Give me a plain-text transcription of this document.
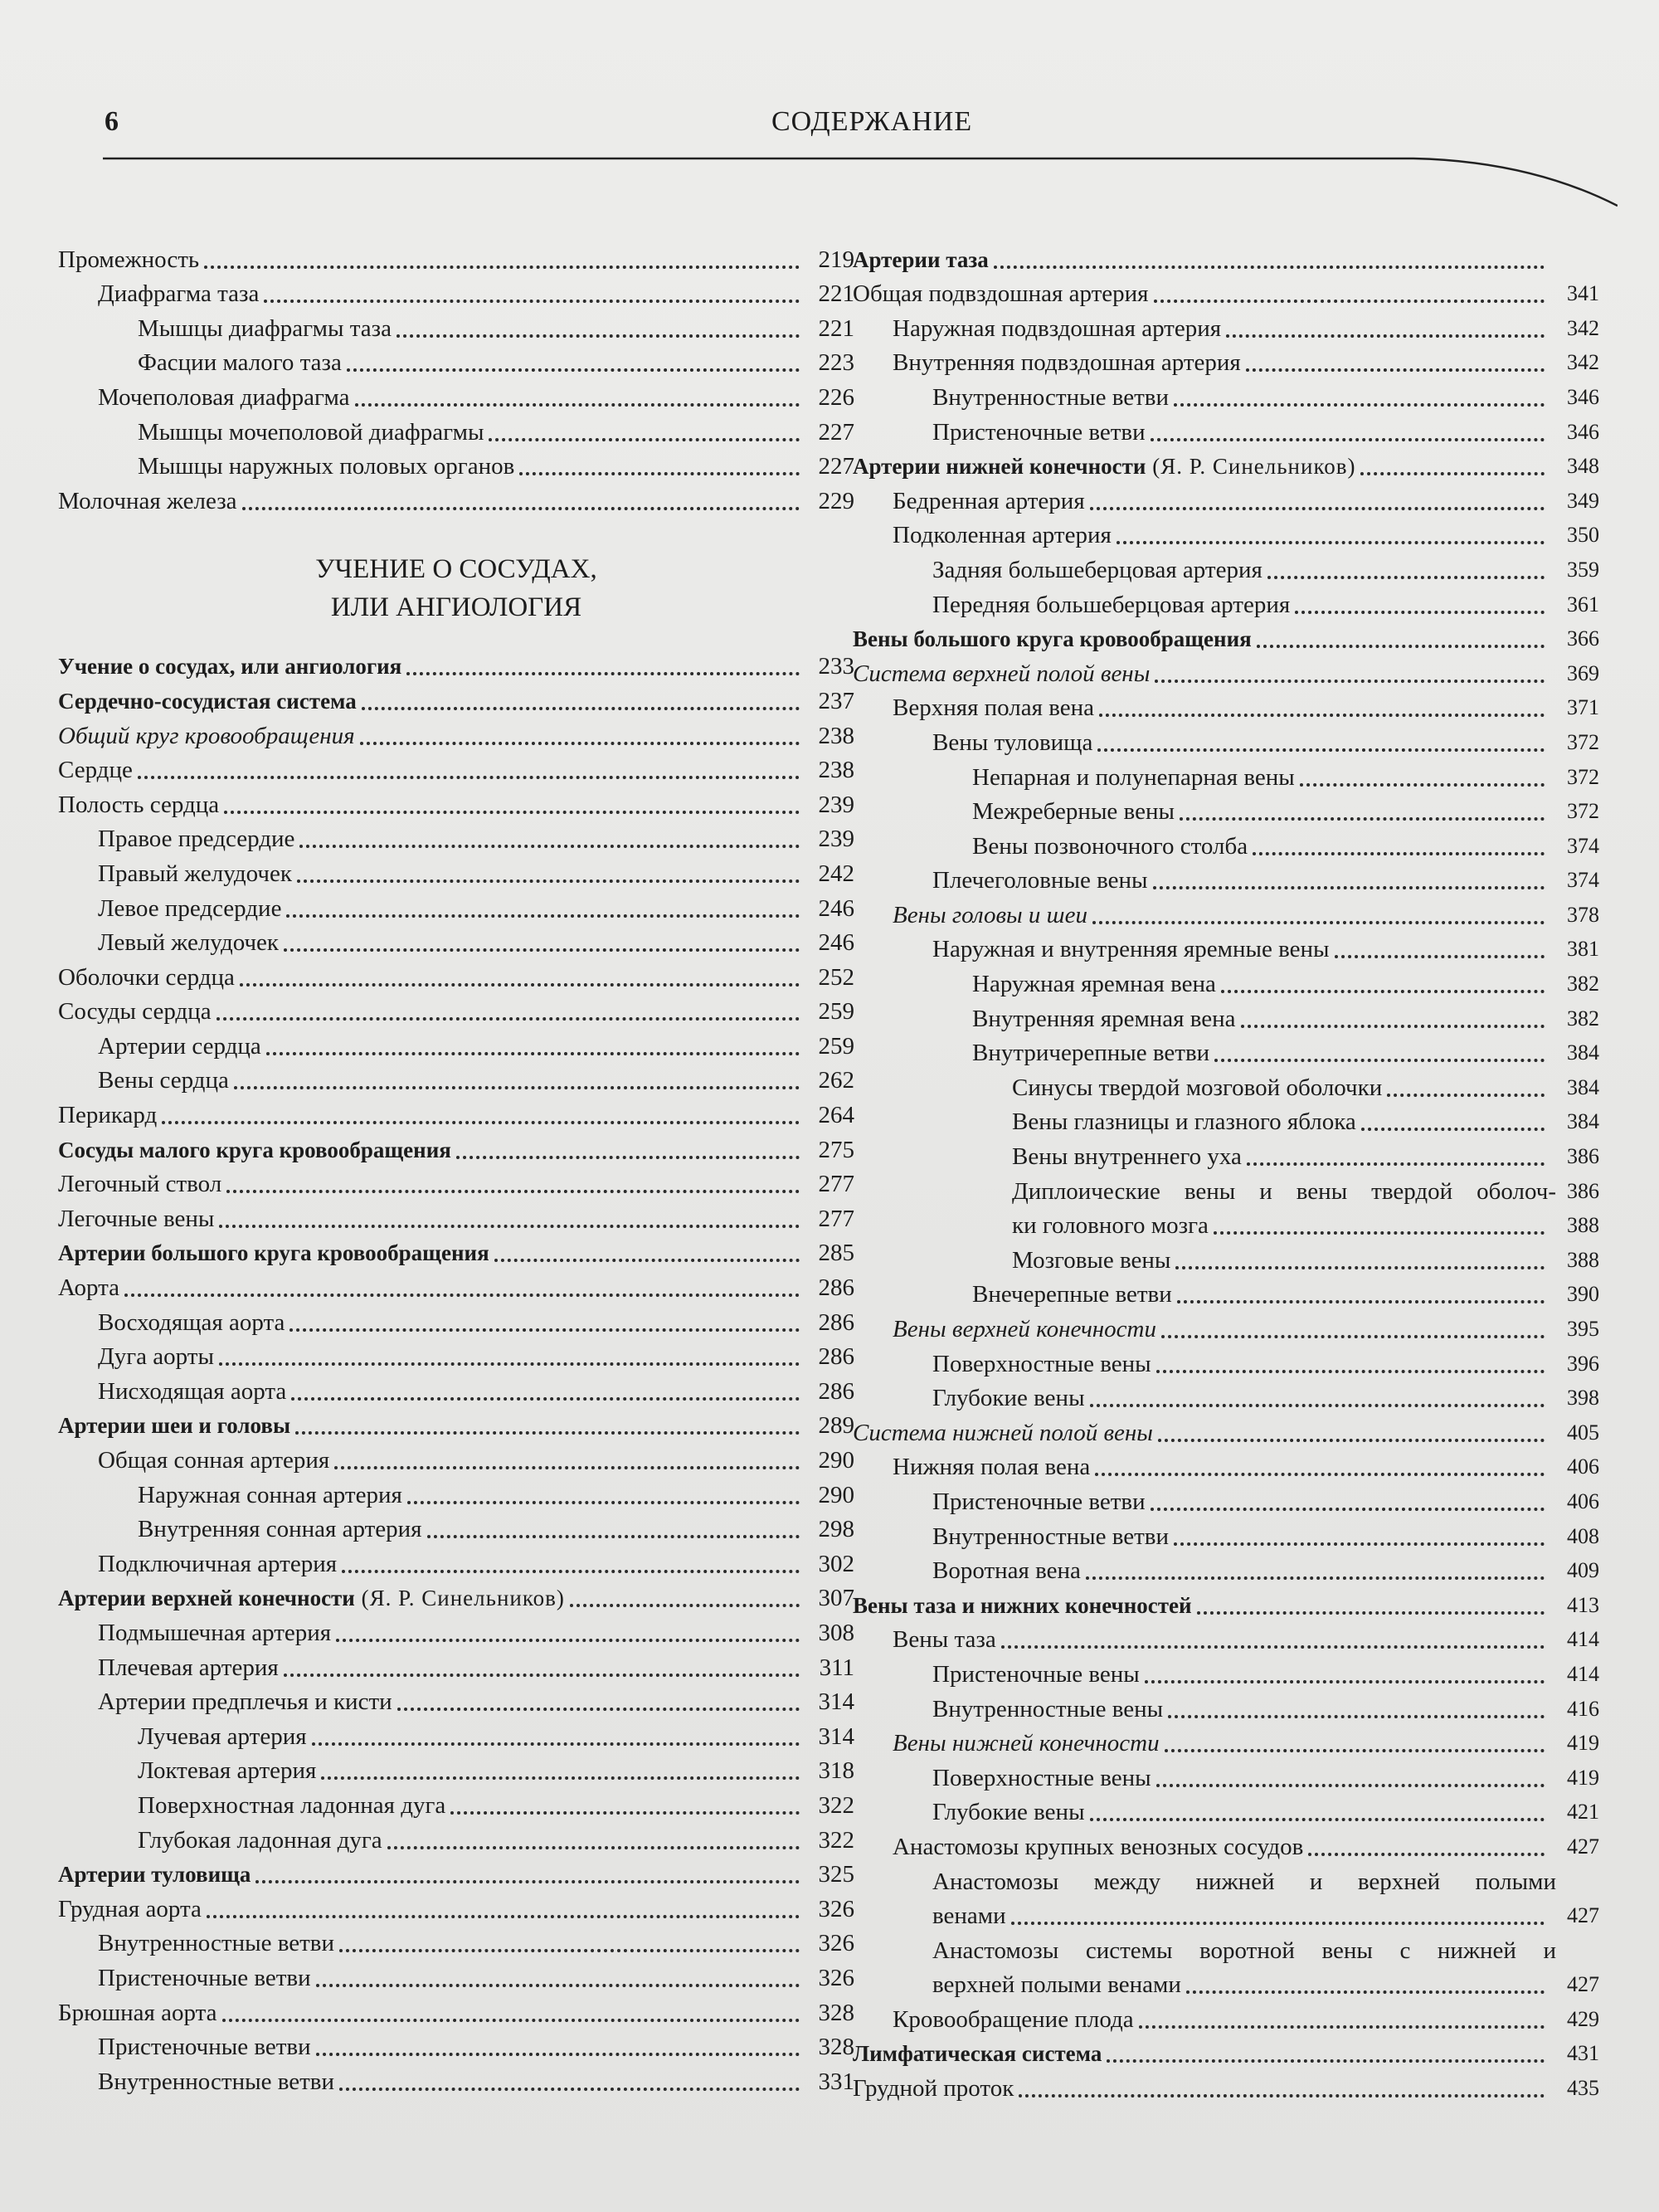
6	СОДЕРЖАНИЕ
Промежность	219
Диафрагма таза	221
Мышцы диафрагмы таза	221
Фасции малого таза	223
Мочеполовая диафрагма	226
Мышцы мочеполовой диафрагмы	227
Мышцы наружных половых органов	227
Молочная железа	229
УЧЕНИЕ О СОСУДАХ,
ИЛИ АНГИОЛОГИЯ
Учение о сосудах, или ангиология	233
Сердечно-сосудистая система	237
Общий круг кровообращения	238
Сердце	238
Полость сердца	239
Правое предсердие	239
Правый желудочек	242
Левое предсердие	246
Левый желудочек	246
Оболочки сердца	252
Сосуды сердца	259
Артерии сердца	259
Вены сердца	262
Перикард	264
Сосуды малого круга кровообращения	275
Легочный ствол	277
Легочные вены	277
Артерии большого круга кровообращения	285
Аорта	286
Восходящая аорта	286
Дуга аорты	286
Нисходящая аорта	286
Артерии шеи и головы	289
Общая сонная артерия	290
Наружная сонная артерия	290
Внутренняя сонная артерия	298
Подключичная артерия	302
Артерии верхней конечности (Я. Р. Синельников)	307
Подмышечная артерия	308
Плечевая артерия	311
Артерии предплечья и кисти	314
Лучевая артерия	314
Локтевая артерия	318
Поверхностная ладонная дуга	322
Глубокая ладонная дуга	322
Артерии туловища	325
Грудная аорта	326
Внутренностные ветви	326
Пристеночные ветви	326
Брюшная аорта	328
Пристеночные ветви	328
Внутренностные ветви	331
Артерии таза
Общая подвздошная артерия	341
Наружная подвздошная артерия	342
Внутренняя подвздошная артерия	342
Внутренностные ветви	346
Пристеночные ветви	346
Артерии нижней конечности (Я. Р. Синельников)	348
Бедренная артерия	349
Подколенная артерия	350
Задняя большеберцовая артерия	359
Передняя большеберцовая артерия	361
Вены большого круга кровообращения	366
Система верхней полой вены	369
Верхняя полая вена	371
Вены туловища	372
Непарная и полунепарная вены	372
Межреберные вены	372
Вены позвоночного столба	374
Плечеголовные вены	374
Вены головы и шеи	378
Наружная и внутренняя яремные вены	381
Наружная яремная вена	382
Внутренняя яремная вена	382
Внутричерепные ветви	384
Синусы твердой мозговой оболочки	384
Вены глазницы и глазного яблока	384
Вены внутреннего уха	386
Диплоические вены и вены твердой оболоч- 386
ки головного мозга	388
Мозговые вены	388
Внечерепные ветви	390
Вены верхней конечности	395
Поверхностные вены	396
Глубокие вены	398
Система нижней полой вены	405
Нижняя полая вена	406
Пристеночные ветви	406
Внутренностные ветви	408
Воротная вена	409
Вены таза и нижних конечностей	413
Вены таза	414
Пристеночные вены	414
Внутренностные вены	416
Вены нижней конечности	419
Поверхностные вены	419
Глубокие вены	421
Анастомозы крупных венозных сосудов	427
Анастомозы между нижней и верхней полыми
венами	427
Анастомозы системы воротной вены с нижней и
верхней полыми венами	427
Кровообращение плода	429
Лимфатическая система	431
Грудной проток	435
